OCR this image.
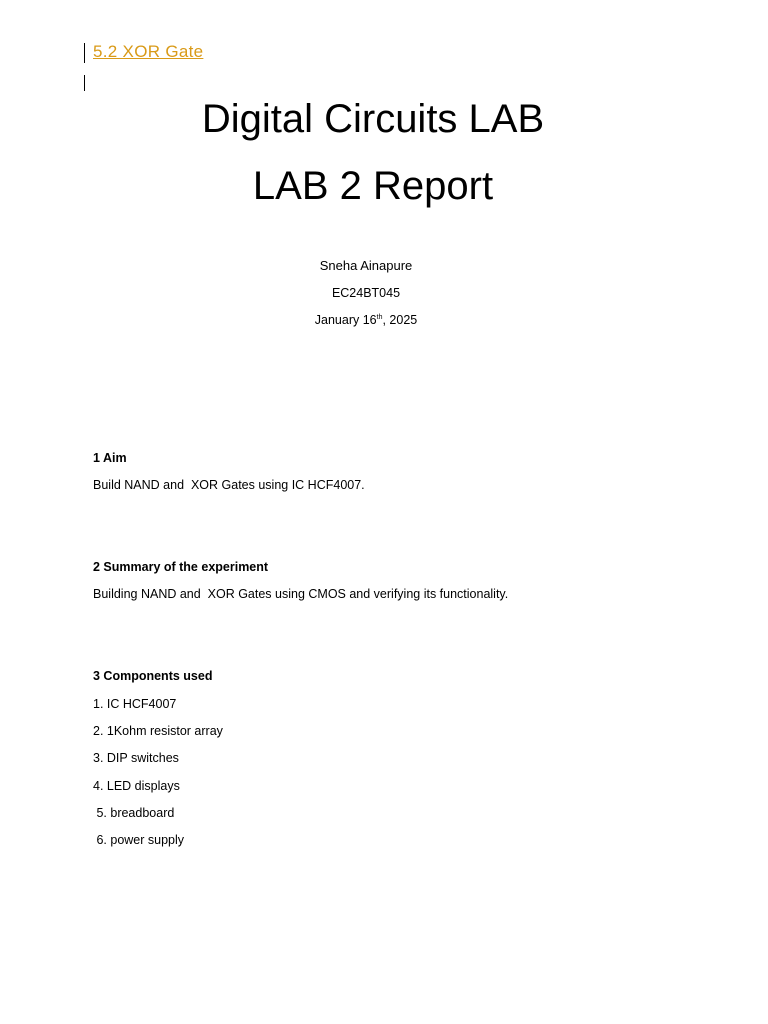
5.2 XOR Gate
Digital Circuits LAB
LAB 2 Report
Sneha Ainapure
EC24BT045
January 16th, 2025
1 Aim
Build NAND and  XOR Gates using IC HCF4007.
2 Summary of the experiment
Building NAND and  XOR Gates using CMOS and verifying its functionality.
3 Components used
1. IC HCF4007
2. 1Kohm resistor array
3. DIP switches
4. LED displays
5. breadboard
6. power supply
